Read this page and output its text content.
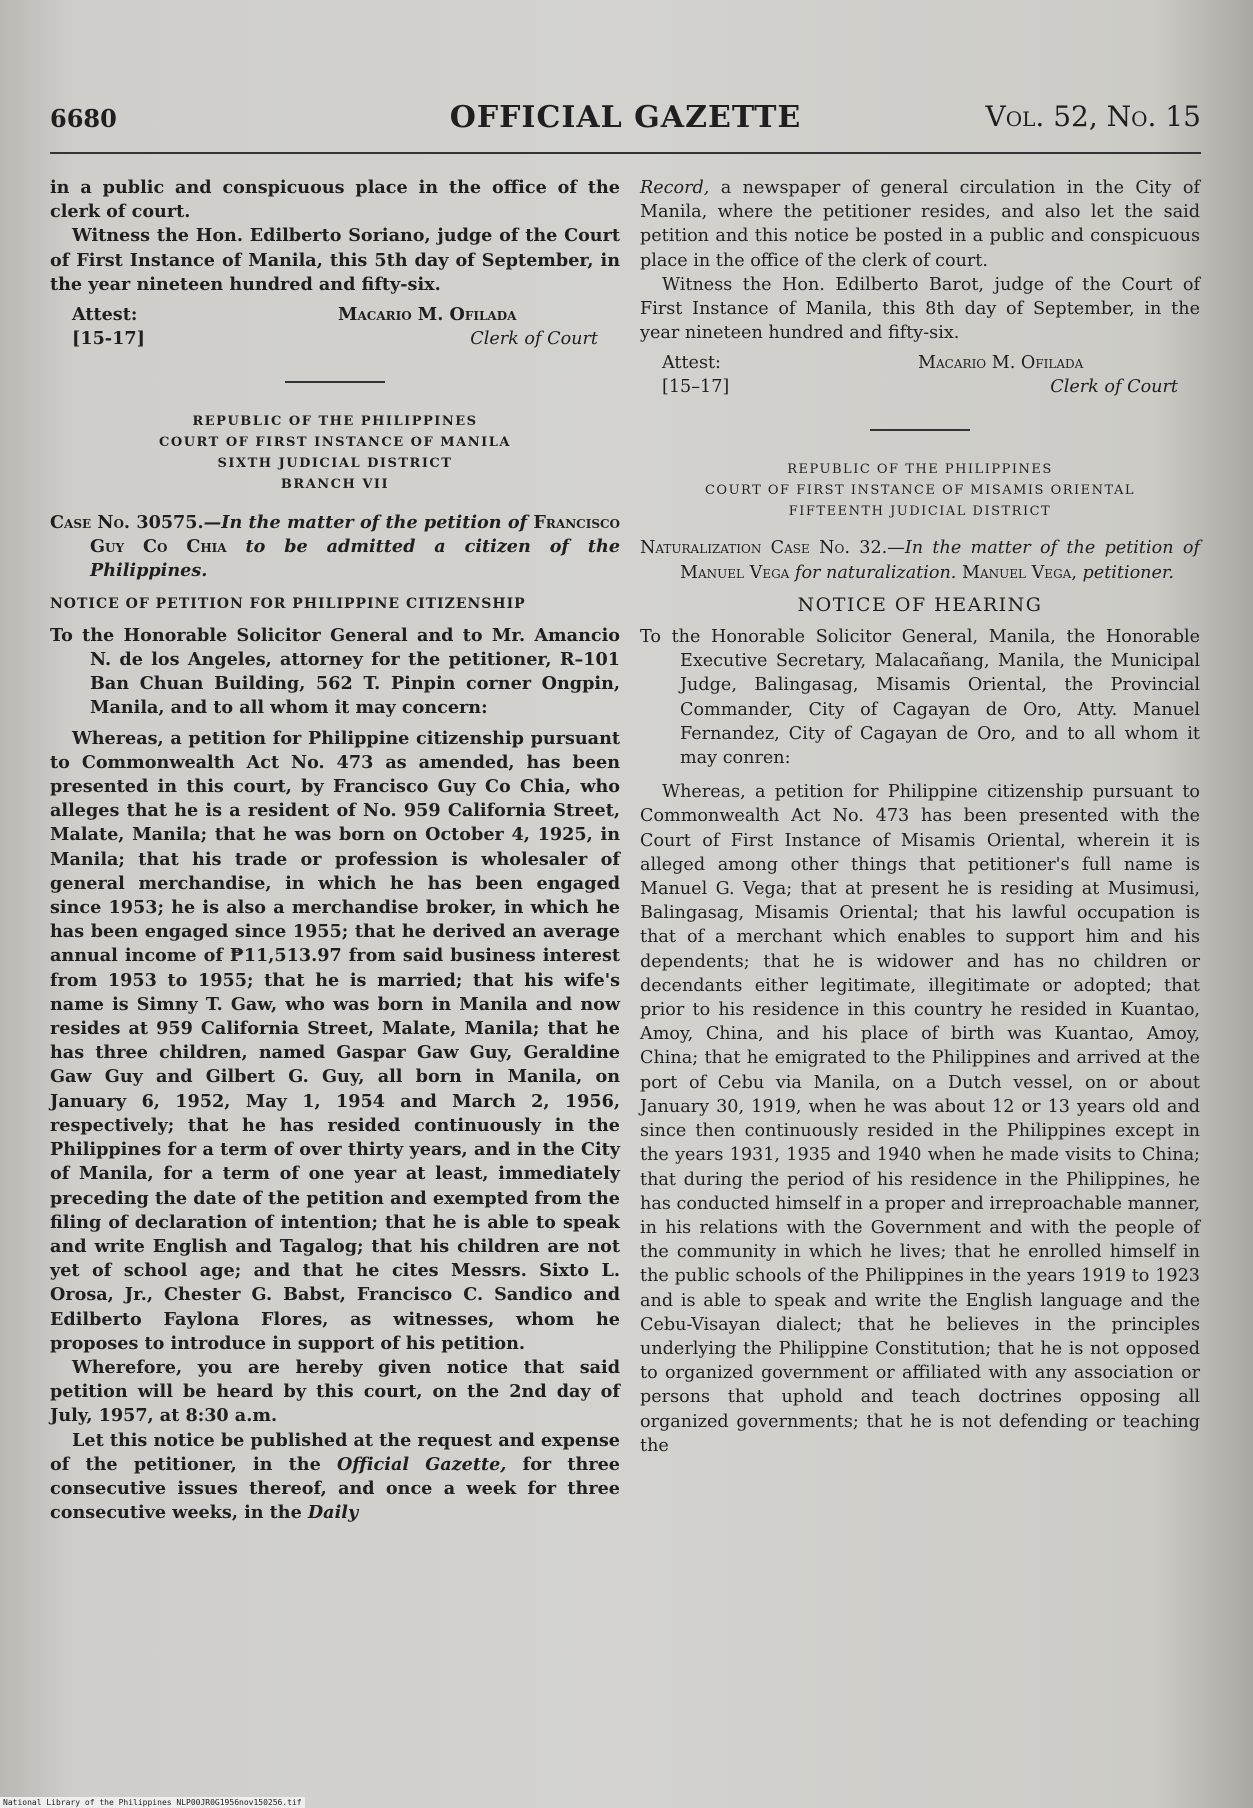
6680	OFFICIAL GAZETTE	Vol. 52, No. 15

in a public and conspicuous place in the office of the clerk of court.

Witness the Hon. Edilberto Soriano, judge of the Court of First Instance of Manila, this 5th day of September, in the year nineteen hundred and fifty-six.

Attest:
[15-17]
Macario M. Ofilada
Clerk of Court
REPUBLIC OF THE PHILIPPINES
COURT OF FIRST INSTANCE OF MANILA
SIXTH JUDICIAL DISTRICT
BRANCH VII

Case No. 30575.—In the matter of the petition of Francisco Guy Co Chia to be admitted a citizen of the Philippines.

NOTICE OF PETITION FOR PHILIPPINE CITIZENSHIP

To the Honorable Solicitor General and to Mr. Amancio N. de los Angeles, attorney for the petitioner, R–101 Ban Chuan Building, 562 T. Pinpin corner Ongpin, Manila, and to all whom it may concern:

Whereas, a petition for Philippine citizenship pursuant to Commonwealth Act No. 473 as amended, has been presented in this court, by Francisco Guy Co Chia, who alleges that he is a resident of No. 959 California Street, Malate, Manila; that he was born on October 4, 1925, in Manila; that his trade or profession is wholesaler of general merchandise, in which he has been engaged since 1953; he is also a merchandise broker, in which he has been engaged since 1955; that he derived an average annual income of ₱11,513.97 from said business interest from 1953 to 1955; that he is married; that his wife's name is Simny T. Gaw, who was born in Manila and now resides at 959 California Street, Malate, Manila; that he has three children, named Gaspar Gaw Guy, Geraldine Gaw Guy and Gilbert G. Guy, all born in Manila, on January 6, 1952, May 1, 1954 and March 2, 1956, respectively; that he has resided continuously in the Philippines for a term of over thirty years, and in the City of Manila, for a term of one year at least, immediately preceding the date of the petition and exempted from the filing of declaration of intention; that he is able to speak and write English and Tagalog; that his children are not yet of school age; and that he cites Messrs. Sixto L. Orosa, Jr., Chester G. Babst, Francisco C. Sandico and Edilberto Faylona Flores, as witnesses, whom he proposes to introduce in support of his petition.

Wherefore, you are hereby given notice that said petition will be heard by this court, on the 2nd day of July, 1957, at 8:30 a.m.

Let this notice be published at the request and expense of the petitioner, in the Official Gazette, for three consecutive issues thereof, and once a week for three consecutive weeks, in the Daily

Record, a newspaper of general circulation in the City of Manila, where the petitioner resides, and also let the said petition and this notice be posted in a public and conspicuous place in the office of the clerk of court.

Witness the Hon. Edilberto Barot, judge of the Court of First Instance of Manila, this 8th day of September, in the year nineteen hundred and fifty-six.

Attest:
[15–17]
Macario M. Ofilada
Clerk of Court
REPUBLIC OF THE PHILIPPINES
COURT OF FIRST INSTANCE OF MISAMIS ORIENTAL
FIFTEENTH JUDICIAL DISTRICT

Naturalization Case No. 32.—In the matter of the petition of Manuel Vega for naturalization. Manuel Vega, petitioner.

NOTICE OF HEARING

To the Honorable Solicitor General, Manila, the Honorable Executive Secretary, Malacañang, Manila, the Municipal Judge, Balingasag, Misamis Oriental, the Provincial Commander, City of Cagayan de Oro, Atty. Manuel Fernandez, City of Cagayan de Oro, and to all whom it may conren:

Whereas, a petition for Philippine citizenship pursuant to Commonwealth Act No. 473 has been presented with the Court of First Instance of Misamis Oriental, wherein it is alleged among other things that petitioner's full name is Manuel G. Vega; that at present he is residing at Musimusi, Balingasag, Misamis Oriental; that his lawful occupation is that of a merchant which enables to support him and his dependents; that he is widower and has no children or decendants either legitimate, illegitimate or adopted; that prior to his residence in this country he resided in Kuantao, Amoy, China, and his place of birth was Kuantao, Amoy, China; that he emigrated to the Philippines and arrived at the port of Cebu via Manila, on a Dutch vessel, on or about January 30, 1919, when he was about 12 or 13 years old and since then continuously resided in the Philippines except in the years 1931, 1935 and 1940 when he made visits to China; that during the period of his residence in the Philippines, he has conducted himself in a proper and irreproachable manner, in his relations with the Government and with the people of the community in which he lives; that he enrolled himself in the public schools of the Philippines in the years 1919 to 1923 and is able to speak and write the English language and the Cebu-Visayan dialect; that he believes in the principles underlying the Philippine Constitution; that he is not opposed to organized government or affiliated with any association or persons that uphold and teach doctrines opposing all organized governments; that he is not defending or teaching the

National Library of the Philippines NLP00JR0G1956nov150256.tif
